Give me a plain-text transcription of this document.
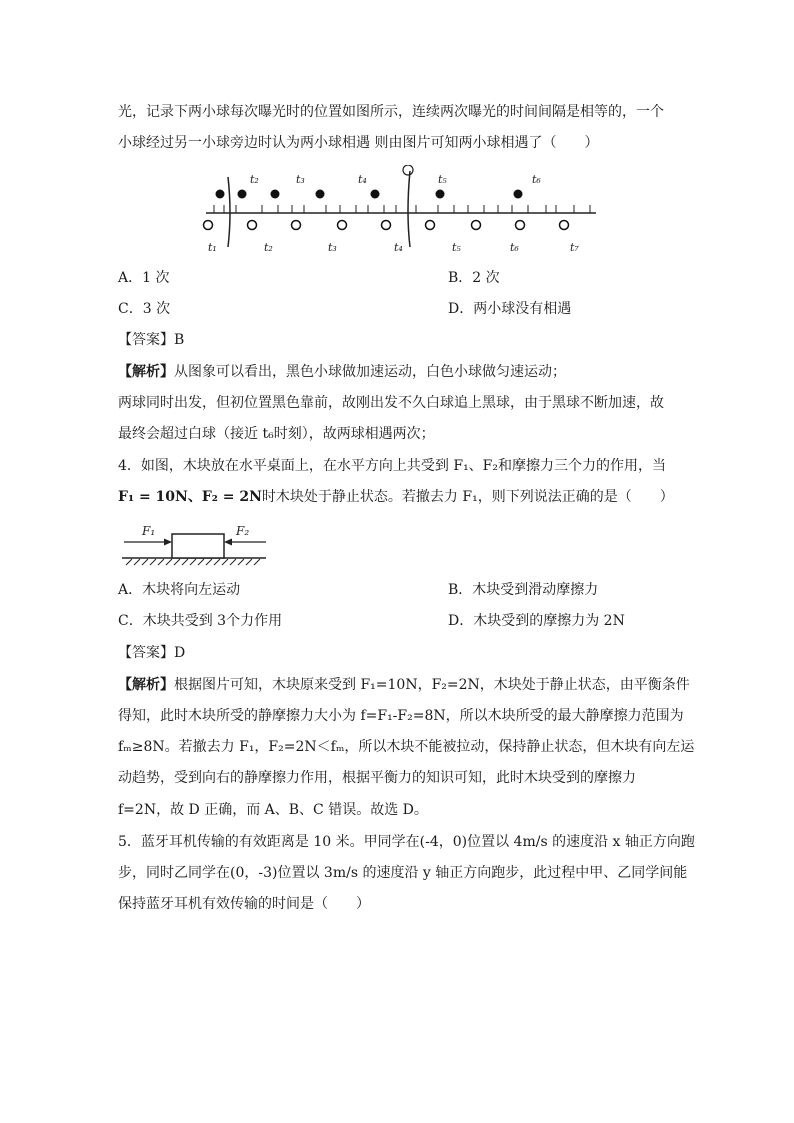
光，记录下两小球每次曝光时的位置如图所示，连续两次曝光的时间间隔是相等的，一个
小球经过另一小球旁边时认为两小球相遇 则由图片可知两小球相遇了（　　）
t₂	t₃	t₄	t₅	t₆
t₁	t₂	t₃	t₄	t₅	t₆	t₇
A．1 次	B．2 次
C．3 次	D．两小球没有相遇
【答案】B
【解析】从图象可以看出，黑色小球做加速运动，白色小球做匀速运动；
两球同时出发，但初位置黑色靠前，故刚出发不久白球追上黑球，由于黑球不断加速，故
最终会超过白球（接近 t₆时刻），故两球相遇两次；
4．如图，木块放在水平桌面上，在水平方向上共受到 F₁、F₂和摩擦力三个力的作用，当
F₁ = 10N、F₂ = 2N时木块处于静止状态。若撤去力 F₁，则下列说法正确的是（　　）
F₁	F₂
A．木块将向左运动	B．木块受到滑动摩擦力
C．木块共受到 3个力作用	D．木块受到的摩擦力为 2N
【答案】D
【解析】根据图片可知，木块原来受到 F₁=10N，F₂=2N，木块处于静止状态，由平衡条件
得知，此时木块所受的静摩擦力大小为 f=F₁-F₂=8N，所以木块所受的最大静摩擦力范围为
fₘ≥8N。若撤去力 F₁，F₂=2N＜fₘ，所以木块不能被拉动，保持静止状态，但木块有向左运
动趋势，受到向右的静摩擦力作用，根据平衡力的知识可知，此时木块受到的摩擦力
f=2N，故 D 正确，而 A、B、C 错误。故选 D。
5．蓝牙耳机传输的有效距离是 10 米。甲同学在(-4，0)位置以 4m/s 的速度沿 x 轴正方向跑
步，同时乙同学在(0，-3)位置以 3m/s 的速度沿 y 轴正方向跑步，此过程中甲、乙同学间能
保持蓝牙耳机有效传输的时间是（　　）
